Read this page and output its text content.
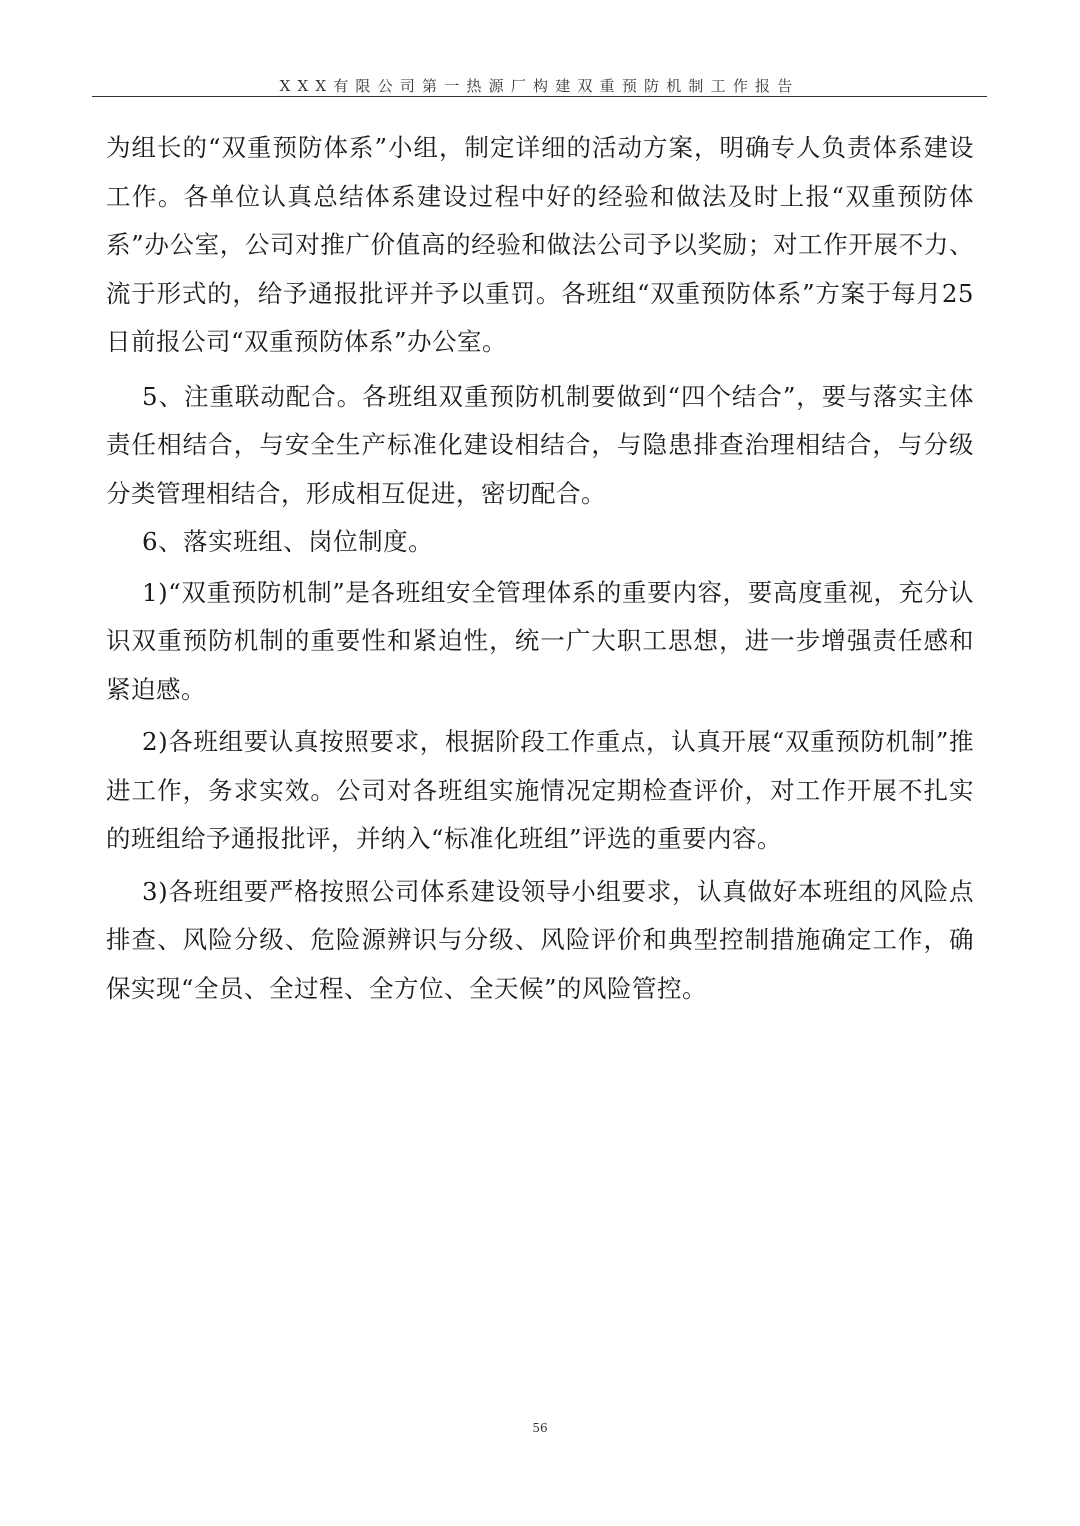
XXX有限公司第一热源厂构建双重预防机制工作报告

为组长的“双重预防体系”小组，制定详细的活动方案，明确专人负责体系建设工作。各单位认真总结体系建设过程中好的经验和做法及时上报“双重预防体系”办公室，公司对推广价值高的经验和做法公司予以奖励；对工作开展不力、流于形式的，给予通报批评并予以重罚。各班组“双重预防体系”方案于每月25日前报公司“双重预防体系”办公室。

5、注重联动配合。各班组双重预防机制要做到“四个结合”，要与落实主体责任相结合，与安全生产标准化建设相结合，与隐患排查治理相结合，与分级分类管理相结合，形成相互促进，密切配合。

6、落实班组、岗位制度。

1)“双重预防机制”是各班组安全管理体系的重要内容，要高度重视，充分认识双重预防机制的重要性和紧迫性，统一广大职工思想，进一步增强责任感和紧迫感。

2)各班组要认真按照要求，根据阶段工作重点，认真开展“双重预防机制”推进工作，务求实效。公司对各班组实施情况定期检查评价，对工作开展不扎实的班组给予通报批评，并纳入“标准化班组”评选的重要内容。

3)各班组要严格按照公司体系建设领导小组要求，认真做好本班组的风险点排查、风险分级、危险源辨识与分级、风险评价和典型控制措施确定工作，确保实现“全员、全过程、全方位、全天候”的风险管控。

56
